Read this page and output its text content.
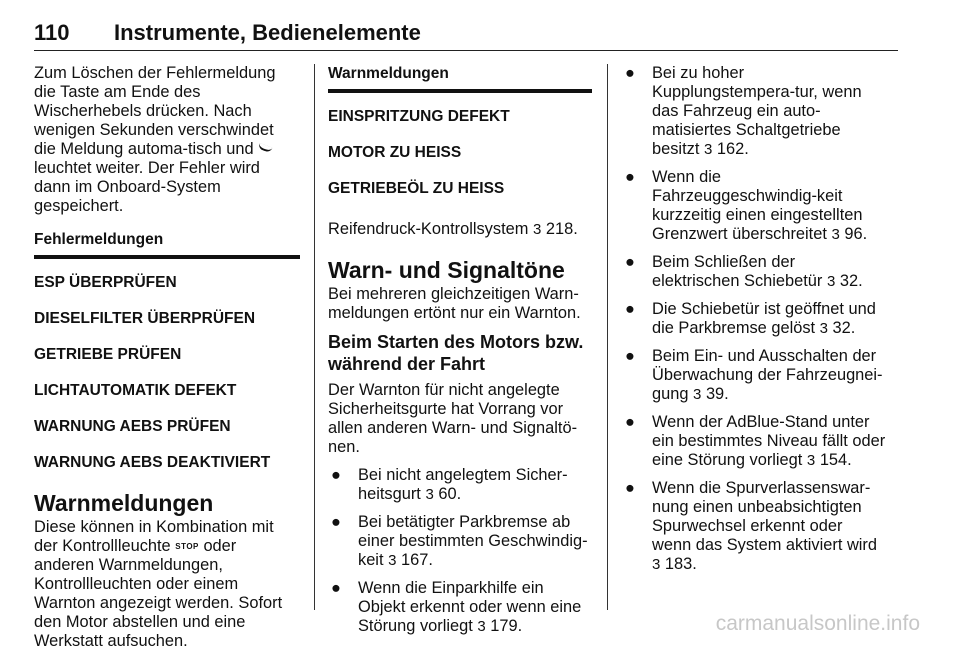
110	Instrumente, Bedienelemente

Zum Löschen der Fehlermeldung die Taste am Ende des Wischerhebels drücken. Nach wenigen Sekunden verschwindet die Meldung automa-tisch und  leuchtet weiter. Der Fehler wird dann im Onboard-System gespeichert.

Fehlermeldungen
ESP ÜBERPRÜFEN
DIESELFILTER ÜBERPRÜFEN
GETRIEBE PRÜFEN
LICHTAUTOMATIK DEFEKT
WARNUNG AEBS PRÜFEN
WARNUNG AEBS DEAKTIVIERT
Warnmeldungen

Diese können in Kombination mit der Kontrollleuchte STOP oder anderen Warnmeldungen, Kontrollleuchten oder einem Warnton angezeigt werden. Sofort den Motor abstellen und eine Werkstatt aufsuchen.

Warnmeldungen
EINSPRITZUNG DEFEKT
MOTOR ZU HEISS
GETRIEBEÖL ZU HEISS

Reifendruck-Kontrollsystem 3 218.

Warn- und Signaltöne

Bei mehreren gleichzeitigen Warn-meldungen ertönt nur ein Warnton.

Beim Starten des Motors bzw. während der Fahrt

Der Warnton für nicht angelegte Sicherheitsgurte hat Vorrang vor allen anderen Warn- und Signaltö-nen.

● Bei nicht angelegtem Sicher-heitsgurt 3 60.
● Bei betätigter Parkbremse ab einer bestimmten Geschwindig-keit 3 167.
● Wenn die Einparkhilfe ein Objekt erkennt oder wenn eine Störung vorliegt 3 179.
● Bei zu hoher Kupplungstempera-tur, wenn das Fahrzeug ein auto-matisiertes Schaltgetriebe besitzt 3 162.
● Wenn die Fahrzeuggeschwindig-keit kurzzeitig einen eingestellten Grenzwert überschreitet 3 96.
● Beim Schließen der elektrischen Schiebetür 3 32.
● Die Schiebetür ist geöffnet und die Parkbremse gelöst 3 32.
● Beim Ein- und Ausschalten der Überwachung der Fahrzeugnei-gung 3 39.
● Wenn der AdBlue-Stand unter ein bestimmtes Niveau fällt oder eine Störung vorliegt 3 154.
● Wenn die Spurverlassenswar-nung einen unbeabsichtigten Spurwechsel erkennt oder wenn das System aktiviert wird 3 183.
carmanualsonline.info
